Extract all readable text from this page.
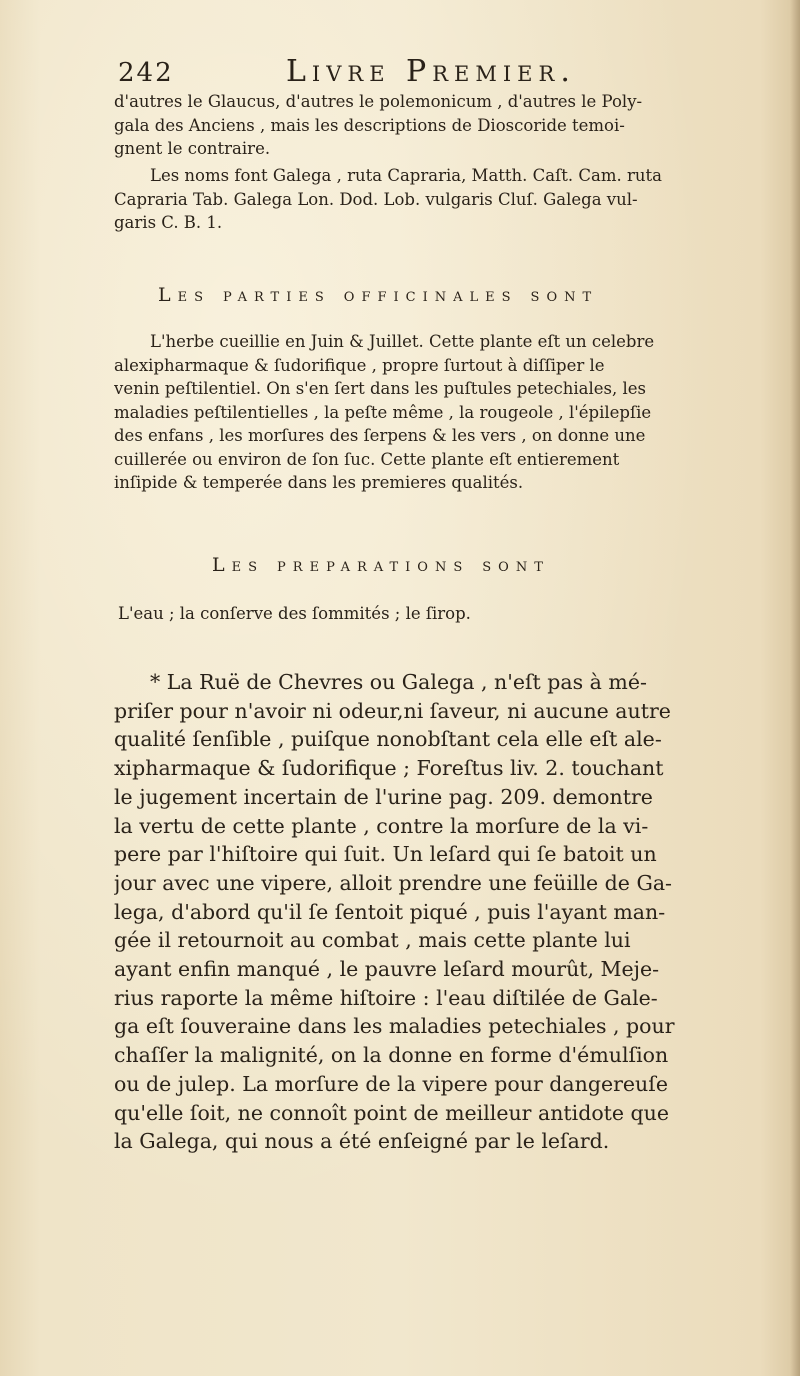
242	Livre Premier.
d'autres le Glaucus, d'autres le polemonicum , d'autres le Poly-
gala des Anciens , mais les descriptions de Dioscoride temoi-
gnent le contraire.
Les noms font Galega , ruta Capraria, Matth. Caſt. Cam. ruta
Capraria Tab. Galega Lon. Dod. Lob. vulgaris Cluſ. Galega vul-
garis C. B. 1.
Les parties officinales sont
L'herbe cueillie en Juin & Juillet. Cette plante eſt un celebre
alexipharmaque & ſudorifique , propre ſurtout à diſſiper le
venin peſtilentiel. On s'en ſert dans les puſtules petechiales, les
maladies peſtilentielles , la peſte même , la rougeole , l'épilepſie
des enfans , les morſures des ſerpens & les vers , on donne une
cuillerée ou environ de ſon ſuc. Cette plante eſt entierement
inſipide & temperée dans les premieres qualités.
Les preparations sont
L'eau ; la conſerve des ſommités ; le ſirop.
* La Ruë de Chevres ou Galega , n'eſt pas à mé-
priſer pour n'avoir ni odeur,ni ſaveur, ni aucune autre
qualité ſenſible , puiſque nonobſtant cela elle eſt ale-
xipharmaque & ſudorifique ; Foreſtus liv. 2. touchant
le jugement incertain de l'urine pag. 209. demontre
la vertu de cette plante , contre la morſure de la vi-
pere par l'hiſtoire qui ſuit. Un leſard qui ſe batoit un
jour avec une vipere, alloit prendre une feüille de Ga-
lega, d'abord qu'il ſe ſentoit piqué , puis l'ayant man-
gée il retournoit au combat , mais cette plante lui
ayant enfin manqué , le pauvre leſard mourût, Meje-
rius raporte la même hiſtoire : l'eau diſtilée de Gale-
ga eſt ſouveraine dans les maladies petechiales , pour
chaſſer la malignité, on la donne en forme d'émulſion
ou de julep. La morſure de la vipere pour dangereuſe
qu'elle ſoit, ne connoît point de meilleur antidote que
la Galega, qui nous a été enſeigné par le leſard.
